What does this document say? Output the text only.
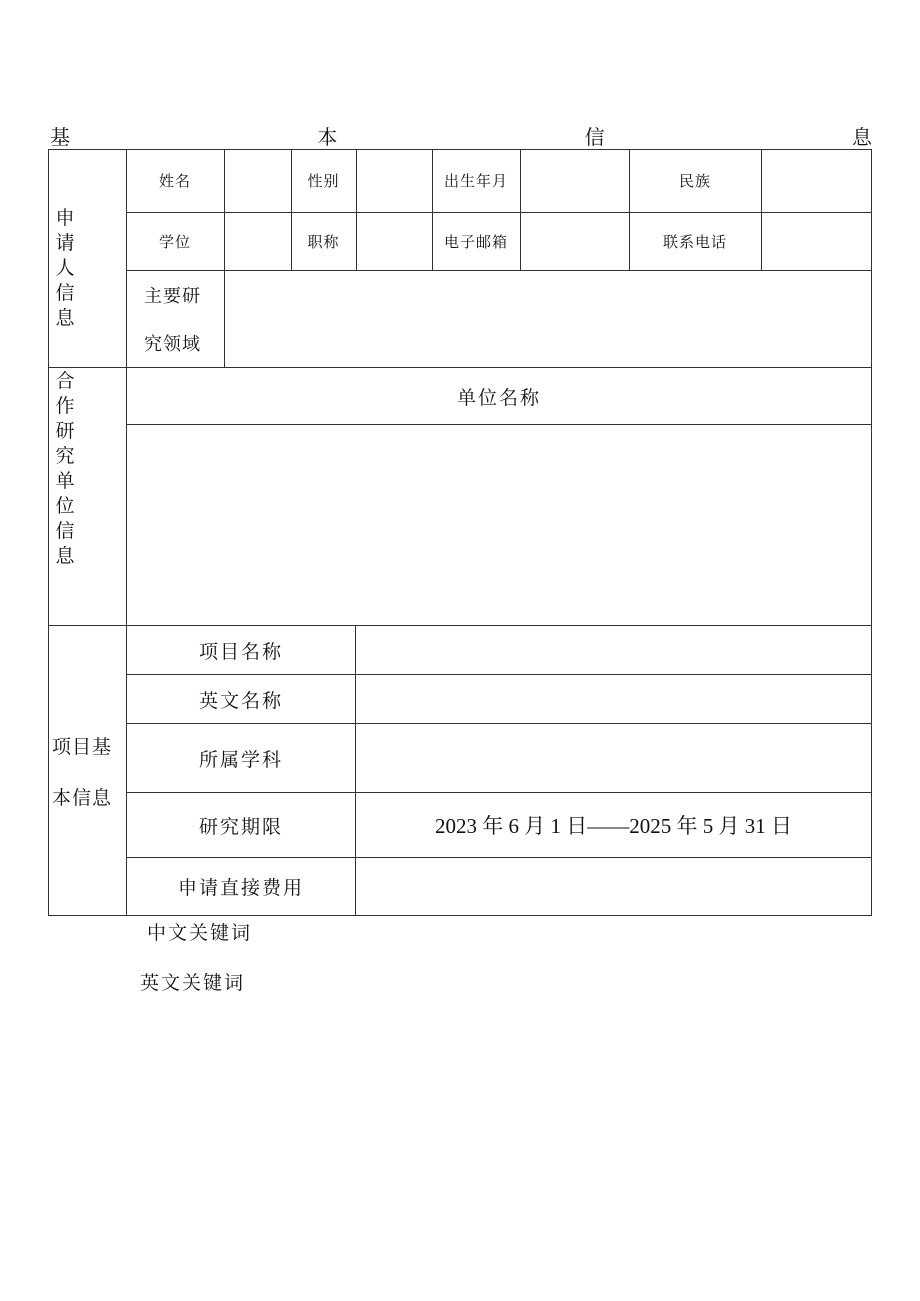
基	本	信	息
申请人信息
姓名	性别	出生年月	民族
学位	职称	电子邮箱	联系电话
主要研
究领域
合作研究单位信息
单位名称
项目基
本信息
项目名称
英文名称
所属学科
研究期限	2023 年 6 月 1 日——2025 年 5 月 31 日
申请直接费用
中文关键词
英文关键词
